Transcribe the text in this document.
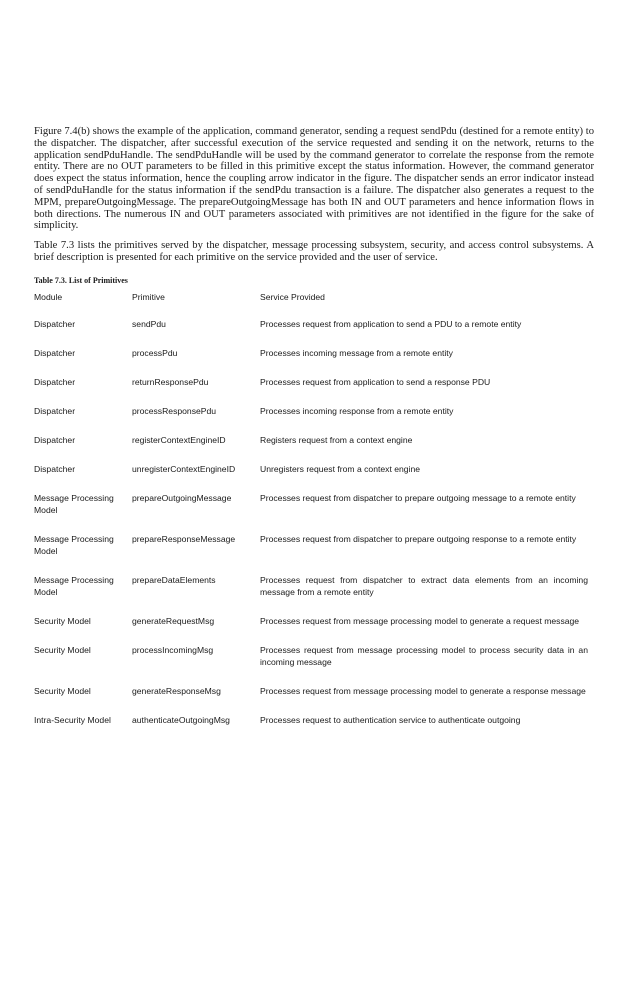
Figure 7.4(b) shows the example of the application, command generator, sending a request sendPdu (destined for a remote entity) to the dispatcher. The dispatcher, after successful execution of the service requested and sending it on the network, returns to the application sendPduHandle. The sendPduHandle will be used by the command generator to correlate the response from the remote entity. There are no OUT parameters to be filled in this primitive except the status information. However, the command generator does expect the status information, hence the coupling arrow indicator in the figure. The dispatcher sends an error indicator instead of sendPduHandle for the status information if the sendPdu transaction is a failure. The dispatcher also generates a request to the MPM, prepareOutgoingMessage. The prepareOutgoingMessage has both IN and OUT parameters and hence information flows in both directions. The numerous IN and OUT parameters associated with primitives are not identified in the figure for the sake of simplicity.

Table 7.3 lists the primitives served by the dispatcher, message processing subsystem, security, and access control subsystems. A brief description is presented for each primitive on the service provided and the user of service.

Table 7.3. List of Primitives
Module	Primitive	Service Provided
Dispatcher	sendPdu	Processes request from application to send a PDU to a remote entity
Dispatcher	processPdu	Processes incoming message from a remote entity
Dispatcher	returnResponsePdu	Processes request from application to send a response PDU
Dispatcher	processResponsePdu	Processes incoming response from a remote entity
Dispatcher	registerContextEngineID	Registers request from a context engine
Dispatcher	unregisterContextEngineID	Unregisters request from a context engine
Message Processing Model	prepareOutgoingMessage	Processes request from dispatcher to prepare outgoing message to a remote entity
Message Processing Model	prepareResponseMessage	Processes request from dispatcher to prepare outgoing response to a remote entity
Message Processing Model	prepareDataElements	Processes request from dispatcher to extract data elements from an incoming message from a remote entity
Security Model	generateRequestMsg	Processes request from message processing model to generate a request message
Security Model	processIncomingMsg	Processes request from message processing model to process security data in an incoming message
Security Model	generateResponseMsg	Processes request from message processing model to generate a response message
Intra-Security Model	authenticateOutgoingMsg	Processes request to authentication service to authenticate outgoing
